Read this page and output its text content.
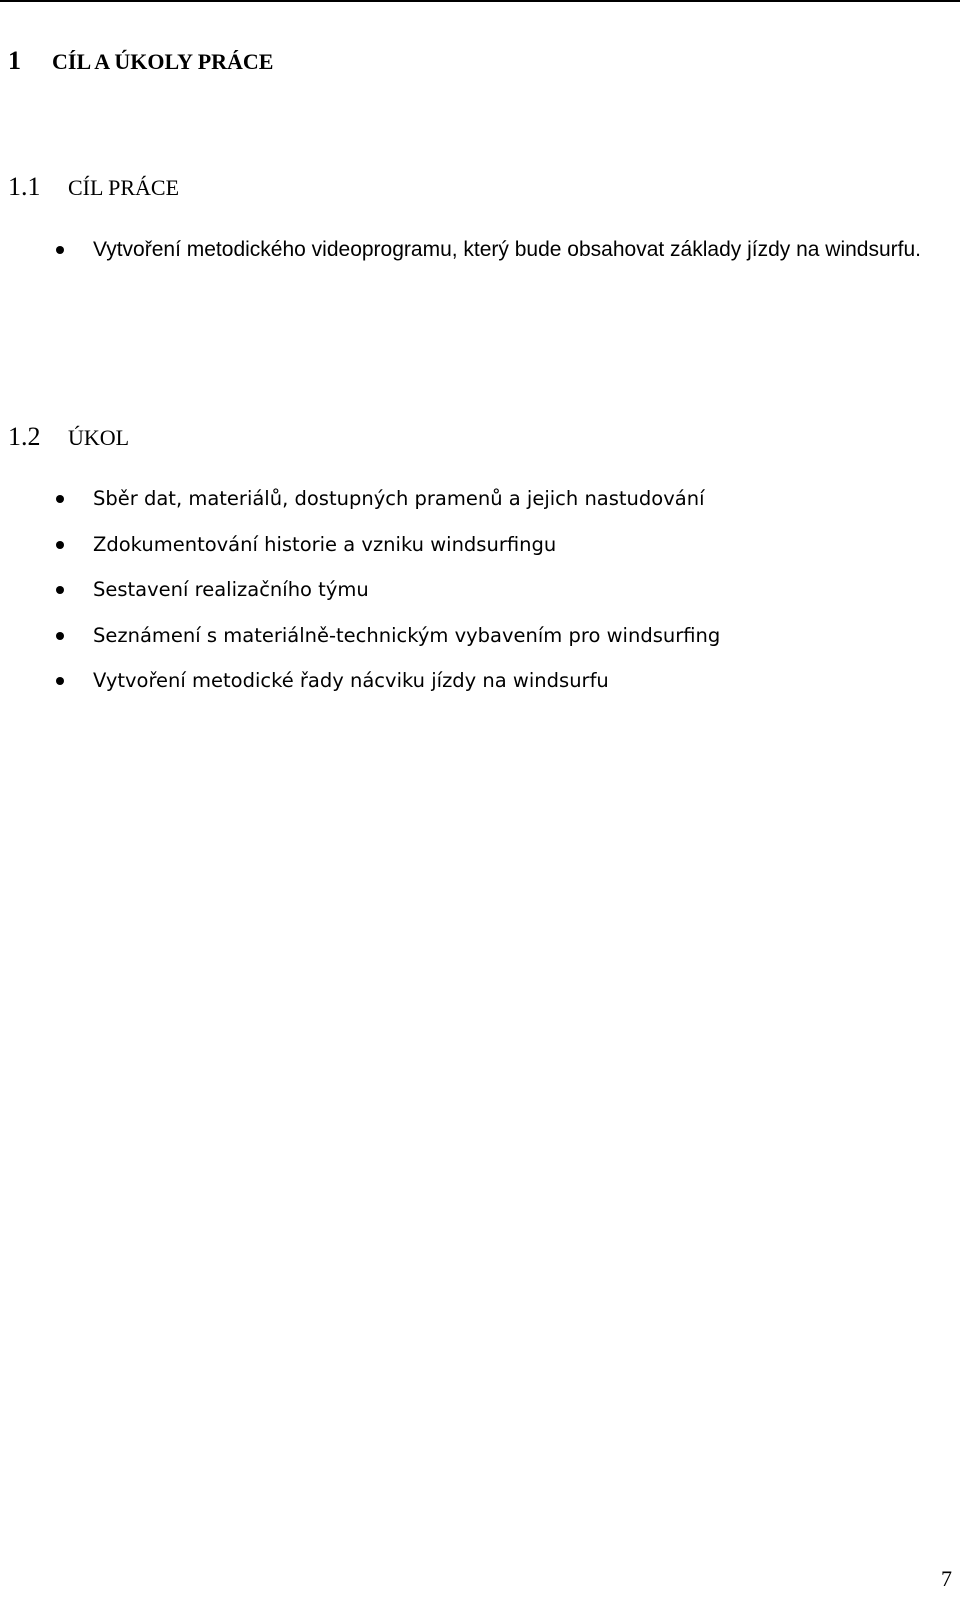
1 CÍL A ÚKOLY PRÁCE
1.1 CÍL PRÁCE
Vytvoření metodického videoprogramu, který bude obsahovat základy jízdy na windsurfu.
1.2 ÚKOL
Sběr dat, materiálů, dostupných pramenů a jejich nastudování
Zdokumentování historie a vzniku windsurfingu
Sestavení realizačního týmu
Seznámení s materiálně-technickým vybavením pro windsurfing
Vytvoření metodické řady nácviku jízdy na windsurfu
7
